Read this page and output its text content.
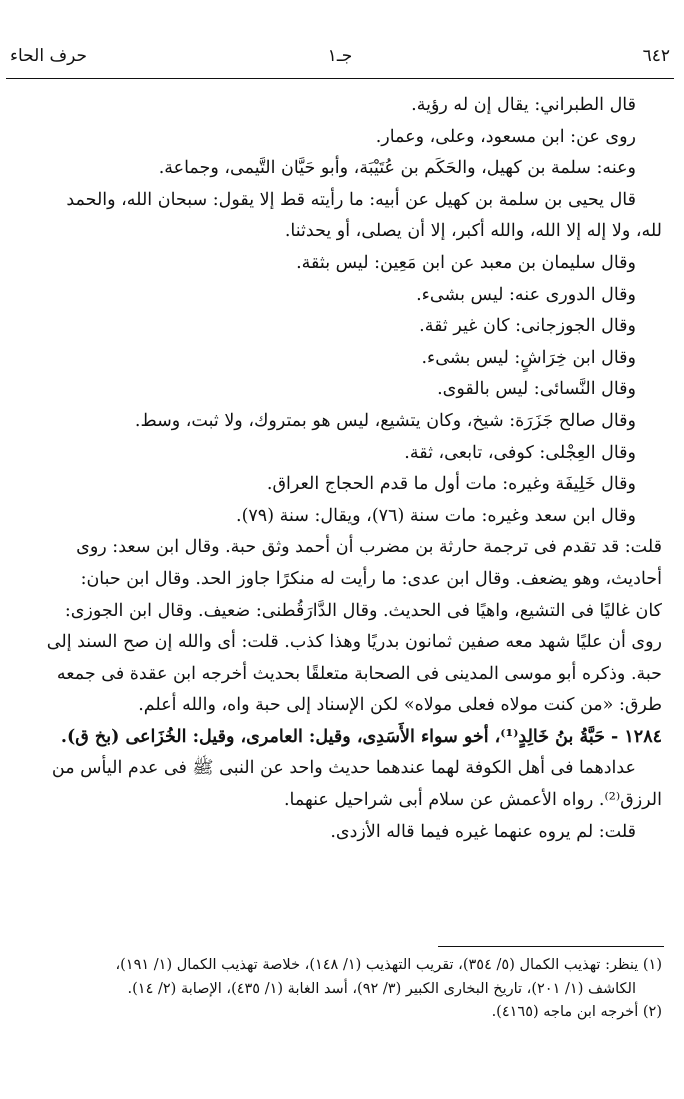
٦٤٢
جـ١
حرف الحاء

قال الطبراني: يقال إن له رؤية.

روى عن: ابن مسعود، وعلى، وعمار.

وعنه: سلمة بن كهيل، والحَكَم بن عُتَيْبَة، وأبو حَيَّان التَّيمى، وجماعة.

قال يحيى بن سلمة بن كهيل عن أبيه: ما رأيته قط إلا يقول: سبحان الله، والحمد

لله، ولا إله إلا الله، والله أكبر، إلا أن يصلى، أو يحدثنا.

وقال سليمان بن معبد عن ابن مَعِين: ليس بثقة.

وقال الدورى عنه: ليس بشىء.

وقال الجوزجانى: كان غير ثقة.

وقال ابن خِرَاشٍ: ليس بشىء.

وقال النَّسائى: ليس بالقوى.

وقال صالح جَزَرَة: شيخ، وكان يتشيع، ليس هو بمتروك، ولا ثبت، وسط.

وقال العِجْلى: كوفى، تابعى، ثقة.

وقال خَلِيفَة وغيره: مات أول ما قدم الحجاج العراق.

وقال ابن سعد وغيره: مات سنة (٧٦)، ويقال: سنة (٧٩).

قلت: قد تقدم فى ترجمة حارثة بن مضرب أن أحمد وثق حبة. وقال ابن سعد: روى

أحاديث، وهو يضعف. وقال ابن عدى: ما رأيت له منكرًا جاوز الحد. وقال ابن حبان:

كان غاليًا فى التشيع، واهيًا فى الحديث. وقال الدَّارَقُطنى: ضعيف. وقال ابن الجوزى:

روى أن عليًا شهد معه صفين ثمانون بدريًا وهذا كذب. قلت: أى والله إن صح السند إلى

حبة. وذكره أبو موسى المدينى فى الصحابة متعلقًا بحديث أخرجه ابن عقدة فى جمعه

طرق: «من كنت مولاه فعلى مولاه» لكن الإسناد إلى حبة واه، والله أعلم.

١٢٨٤ - حَبَّةُ بنُ خَالِدٍ⁽¹⁾، أخو سواء الأَسَدِى، وقيل: العامرى، وقيل: الخُزَاعى (بخ ق).

عدادهما فى أهل الكوفة لهما عندهما حديث واحد عن النبى ﷺ فى عدم اليأس من

الرزق⁽²⁾. رواه الأعمش عن سلام أبى شراحيل عنهما.

قلت: لم يروه عنهما غيره فيما قاله الأزدى.

(١) ينظر: تهذيب الكمال (٥/ ٣٥٤)، تقريب التهذيب (١/ ١٤٨)، خلاصة تهذيب الكمال (١/ ١٩١)،

الكاشف (١/ ٢٠١)، تاريخ البخارى الكبير (٣/ ٩٢)، أسد الغابة (١/ ٤٣٥)، الإصابة (٢/ ١٤).

(٢) أخرجه ابن ماجه (٤١٦٥).
